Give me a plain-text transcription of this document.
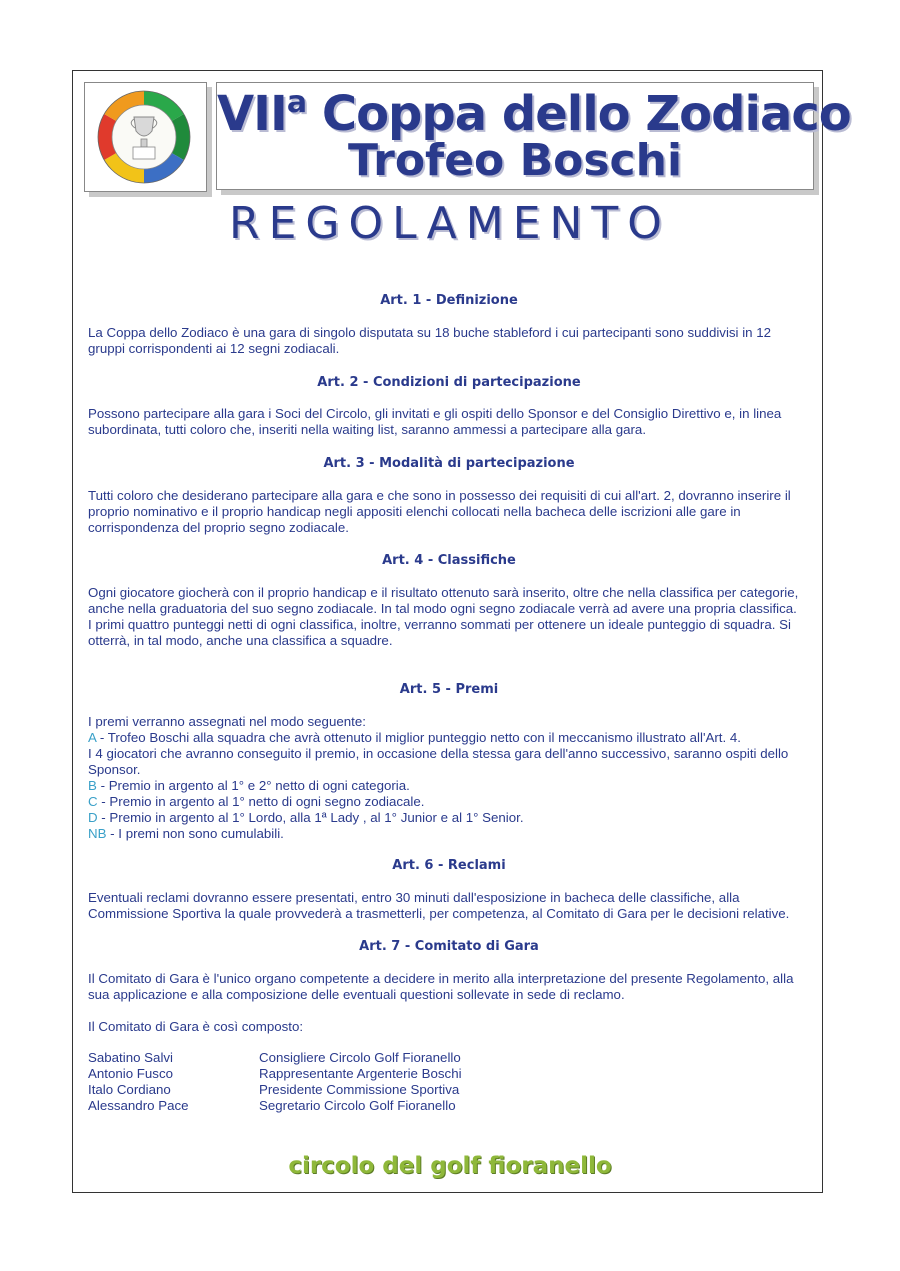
VII$^a$ Coppa dello Zodiaco
Trofeo Boschi
REGOLAMENTO
Art. 1 - Definizione

La Coppa dello Zodiaco è una gara di singolo disputata su 18 buche stableford i cui partecipanti sono suddivisi in 12 gruppi corrispondenti ai 12 segni zodiacali.

Art. 2 - Condizioni di partecipazione

Possono partecipare alla gara i Soci del Circolo, gli invitati e gli ospiti dello Sponsor e del Consiglio Direttivo e, in linea subordinata, tutti coloro che, inseriti nella waiting list, saranno ammessi a partecipare alla gara.

Art. 3 - Modalità di partecipazione

Tutti coloro che desiderano partecipare alla gara e che sono in possesso dei requisiti di cui all'art. 2, dovranno inserire il proprio nominativo e il proprio handicap negli appositi elenchi collocati nella bacheca delle iscrizioni alle gare in corrispondenza del proprio segno zodiacale.

Art. 4 - Classifiche

Ogni giocatore giocherà con il proprio handicap e il risultato ottenuto sarà inserito, oltre che nella classifica per categorie, anche nella graduatoria del suo segno zodiacale. In tal modo ogni segno zodiacale verrà ad avere una propria classifica.

I primi quattro punteggi netti di ogni classifica, inoltre, verranno sommati per ottenere un ideale punteggio di squadra. Si otterrà, in tal modo, anche una classifica a squadre.

Art. 5 - Premi

I premi verranno assegnati nel modo seguente:

A - Trofeo Boschi alla squadra che avrà ottenuto il miglior punteggio netto con il meccanismo illustrato all'Art. 4.

I 4 giocatori che avranno conseguito il premio, in occasione della stessa gara dell'anno successivo, saranno ospiti dello Sponsor.

B - Premio in argento al 1° e 2° netto di ogni categoria.

C - Premio in argento al 1° netto di ogni segno zodiacale.

D - Premio in argento al 1° Lordo, alla 1ª Lady , al 1° Junior e al 1° Senior.

NB - I premi non sono cumulabili.

Art. 6 - Reclami

Eventuali reclami dovranno essere presentati, entro 30 minuti dall'esposizione in bacheca delle classifiche, alla Commissione Sportiva la quale provvederà a trasmetterli, per competenza, al Comitato di Gara per le decisioni relative.

Art. 7 - Comitato di Gara

Il Comitato di Gara è l'unico organo competente a decidere in merito alla interpretazione del presente Regolamento, alla sua applicazione e alla composizione delle eventuali questioni sollevate in sede di reclamo.

Il Comitato di Gara è così composto:

Sabatino Salvi	Consigliere Circolo Golf Fioranello
Antonio Fusco	Rappresentante Argenterie Boschi
Italo Cordiano	Presidente Commissione Sportiva
Alessandro Pace	Segretario Circolo Golf Fioranello
circolo del golf fioranello
